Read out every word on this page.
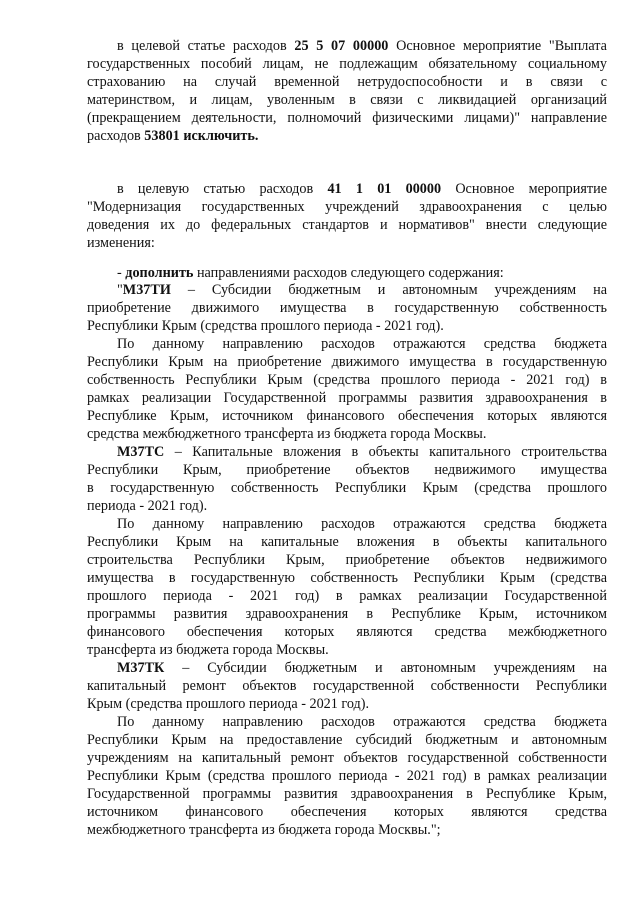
в целевой статье расходов 25 5 07 00000 Основное мероприятие "Выплата
государственных пособий лицам, не подлежащим обязательному социальному
страхованию на случай временной нетрудоспособности и в связи с
материнством, и лицам, уволенным в связи с ликвидацией организаций
(прекращением деятельности, полномочий физическими лицами)" направление
расходов 53801 исключить.
в целевую статью расходов 41 1 01 00000 Основное мероприятие
"Модернизация государственных учреждений здравоохранения с целью
доведения их до федеральных стандартов и нормативов" внести следующие
изменения:
- дополнить направлениями расходов следующего содержания:
"М37ТИ – Субсидии бюджетным и автономным учреждениям на
приобретение движимого имущества в государственную собственность
Республики Крым (средства прошлого периода - 2021 год).
По данному направлению расходов отражаются средства бюджета
Республики Крым на приобретение движимого имущества в государственную
собственность Республики Крым (средства прошлого периода - 2021 год) в
рамках реализации Государственной программы развития здравоохранения в
Республике Крым, источником финансового обеспечения которых являются
средства межбюджетного трансферта из бюджета города Москвы.
М37ТС – Капитальные вложения в объекты капитального строительства
Республики Крым, приобретение объектов недвижимого имущества
в государственную собственность Республики Крым (средства прошлого
периода - 2021 год).
По данному направлению расходов отражаются средства бюджета
Республики Крым на капитальные вложения в объекты капитального
строительства Республики Крым, приобретение объектов недвижимого
имущества в государственную собственность Республики Крым (средства
прошлого периода - 2021 год) в рамках реализации Государственной
программы развития здравоохранения в Республике Крым, источником
финансового обеспечения которых являются средства межбюджетного
трансферта из бюджета города Москвы.
М37ТК – Субсидии бюджетным и автономным учреждениям на
капитальный ремонт объектов государственной собственности Республики
Крым (средства прошлого периода - 2021 год).
По данному направлению расходов отражаются средства бюджета
Республики Крым на предоставление субсидий бюджетным и автономным
учреждениям на капитальный ремонт объектов государственной собственности
Республики Крым (средства прошлого периода - 2021 год) в рамках реализации
Государственной программы развития здравоохранения в Республике Крым,
источником финансового обеспечения которых являются средства
межбюджетного трансферта из бюджета города Москвы.";
